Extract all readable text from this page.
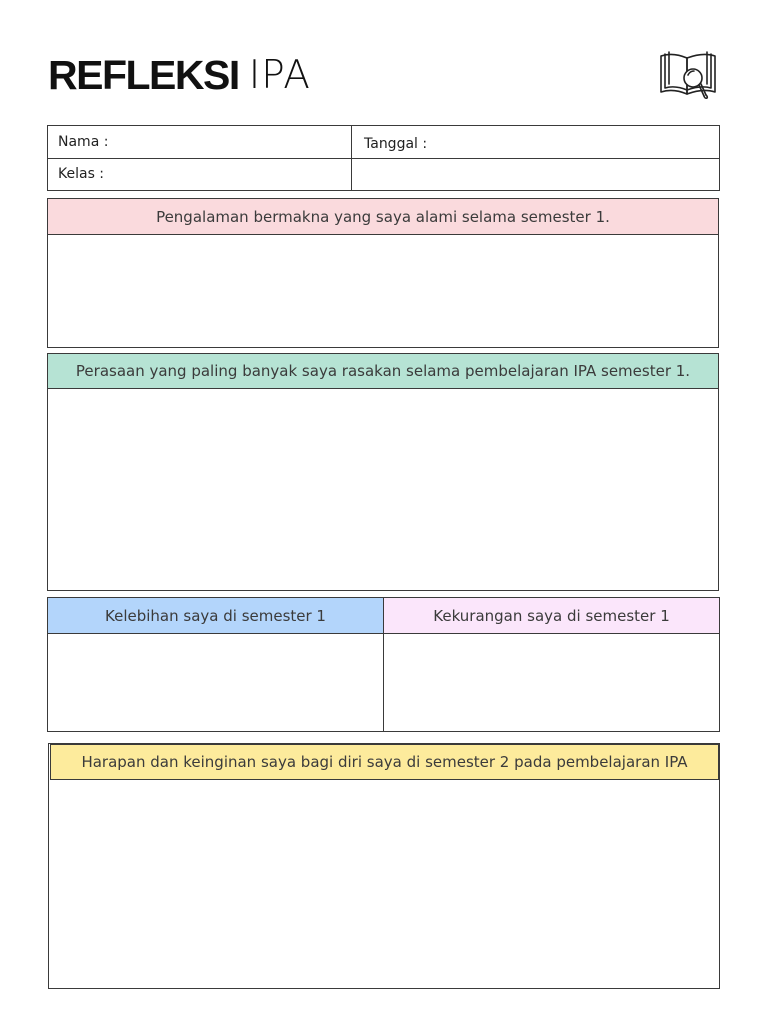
REFLEKSI IPA
Nama :	Tanggal :
Kelas :
Pengalaman bermakna yang saya alami selama semester 1.
Perasaan yang paling banyak saya rasakan selama pembelajaran IPA semester 1.
Kelebihan saya di semester 1	Kekurangan saya di semester 1
Harapan dan keinginan saya bagi diri saya di semester 2 pada pembelajaran IPA
